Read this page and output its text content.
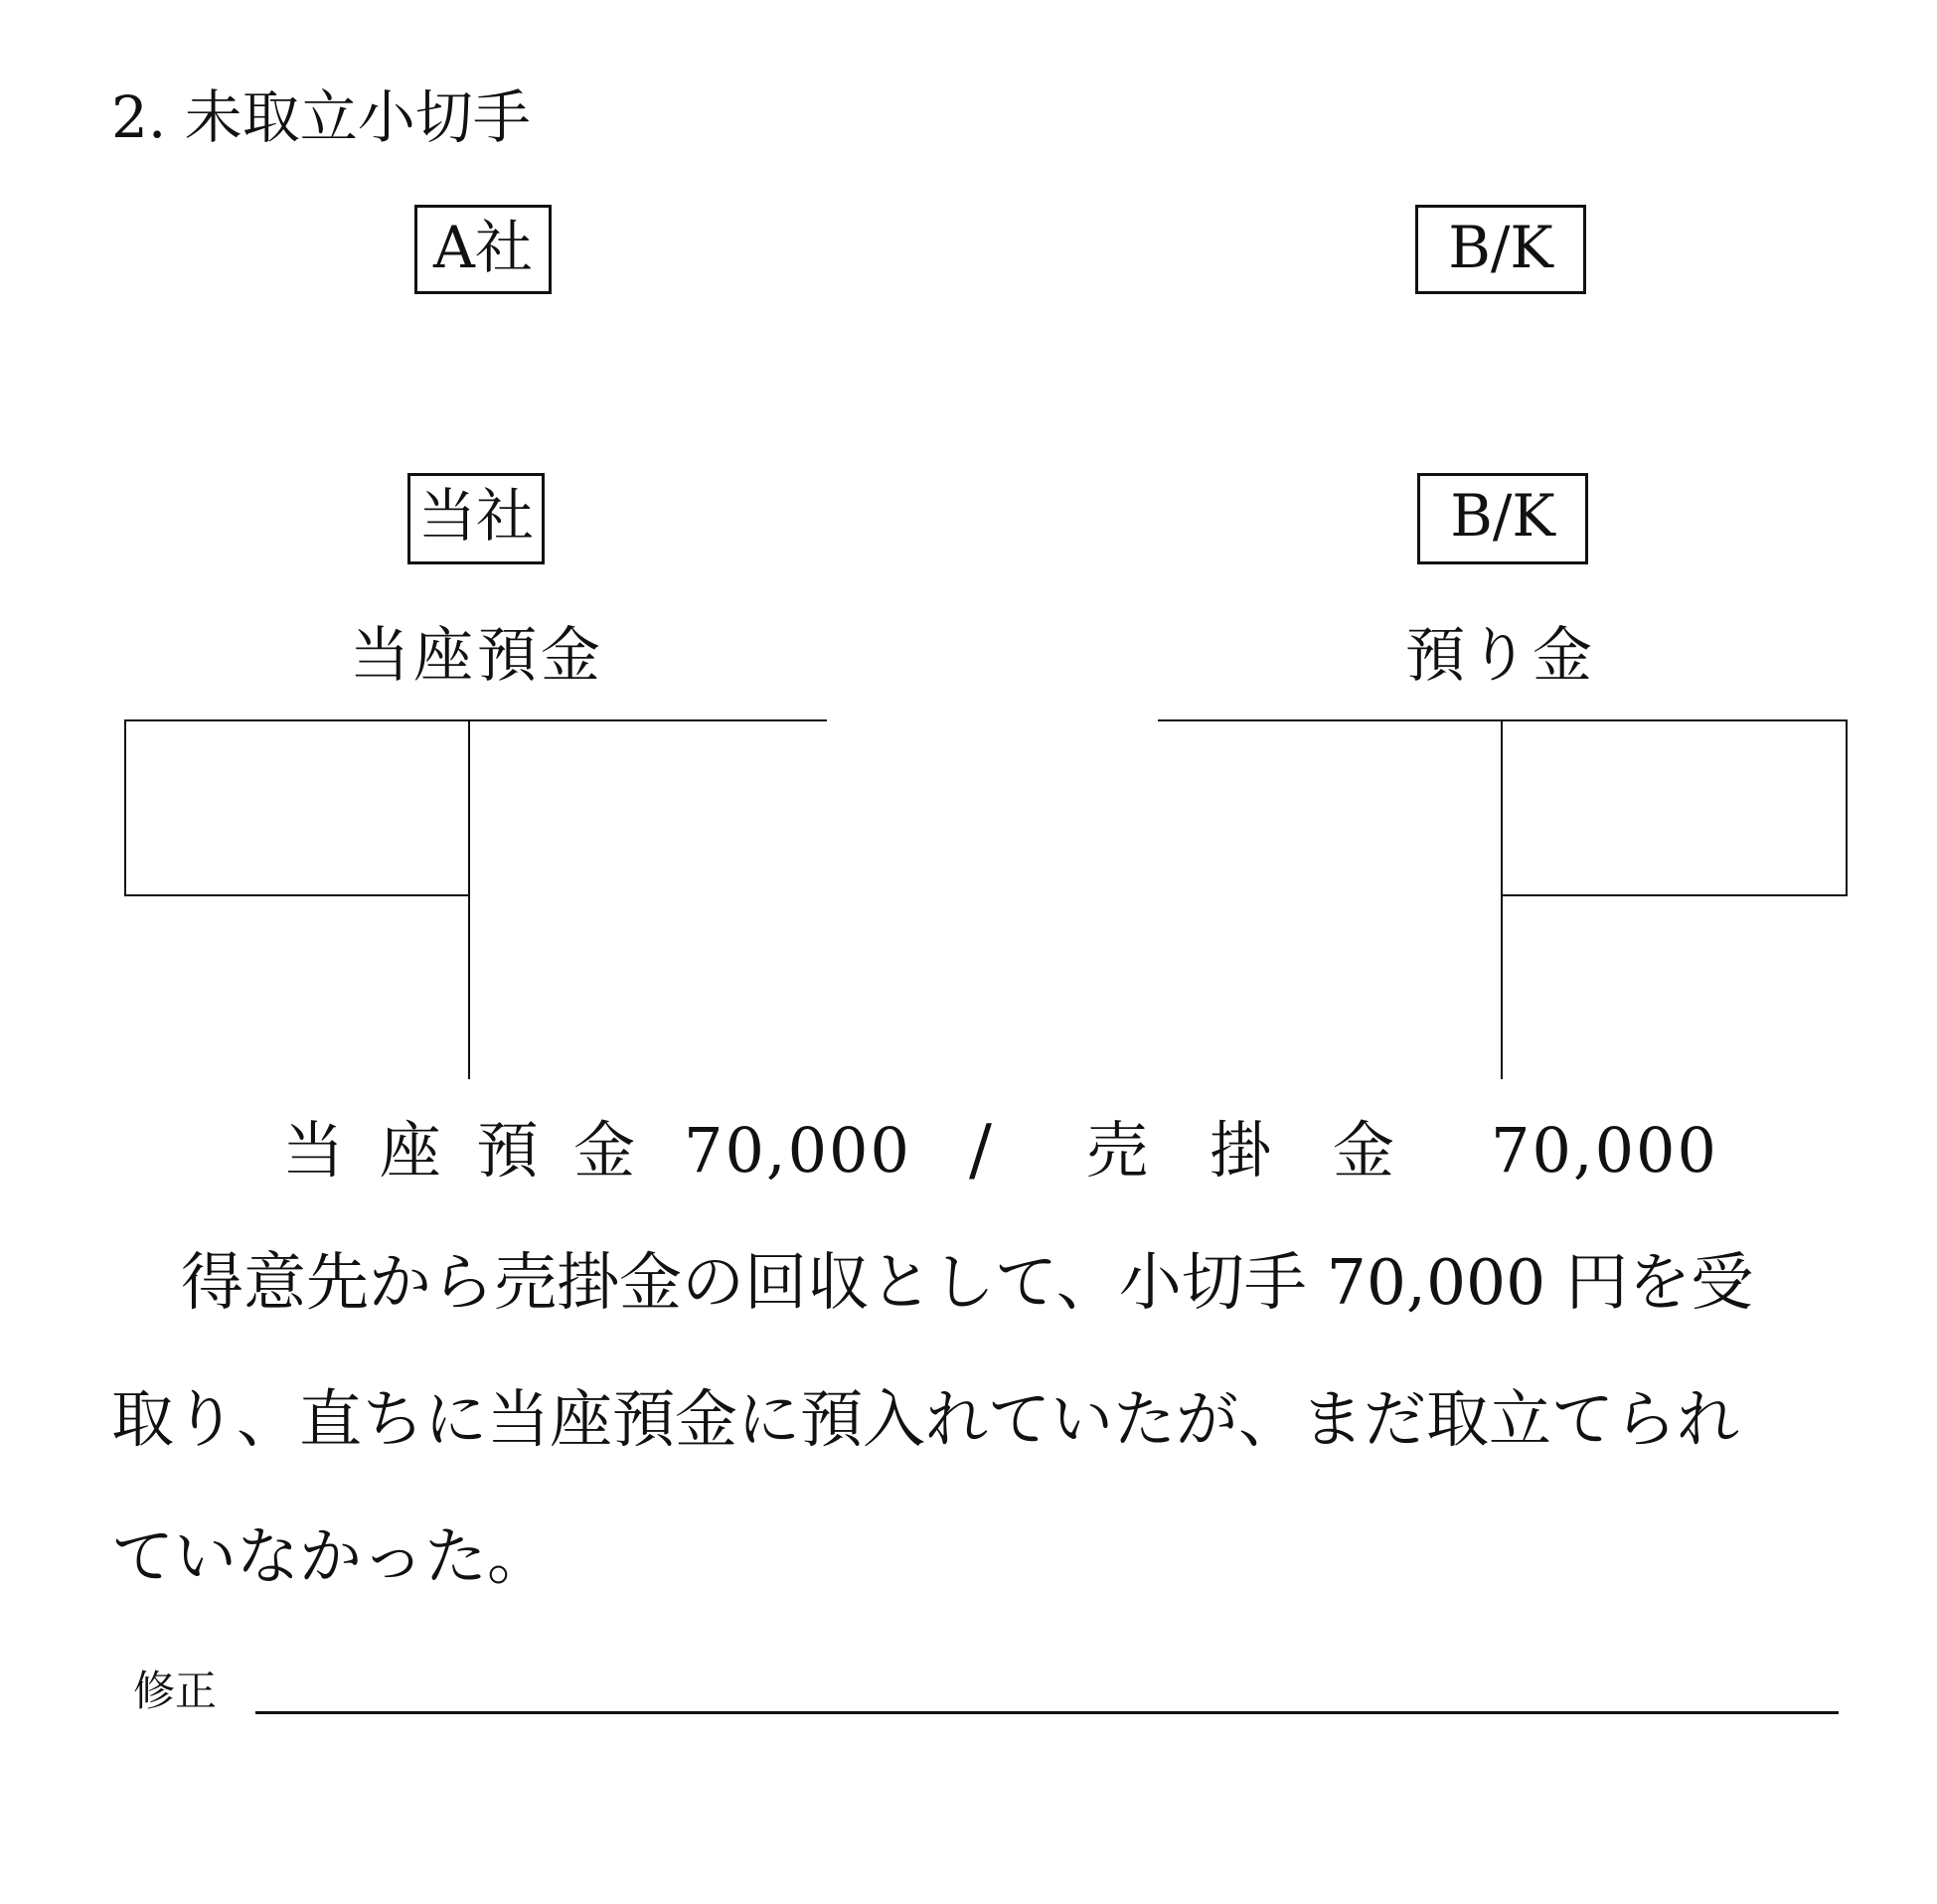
2. 未取立小切手
A社	B/K
当社	B/K
当座預金	預り金
当 座 預 金 70,000 / 売　掛　金 70,000
得意先から売掛金の回収として、小切手 70,000 円を受
取り、直ちに当座預金に預入れていたが、まだ取立てられ
ていなかった。
修正
